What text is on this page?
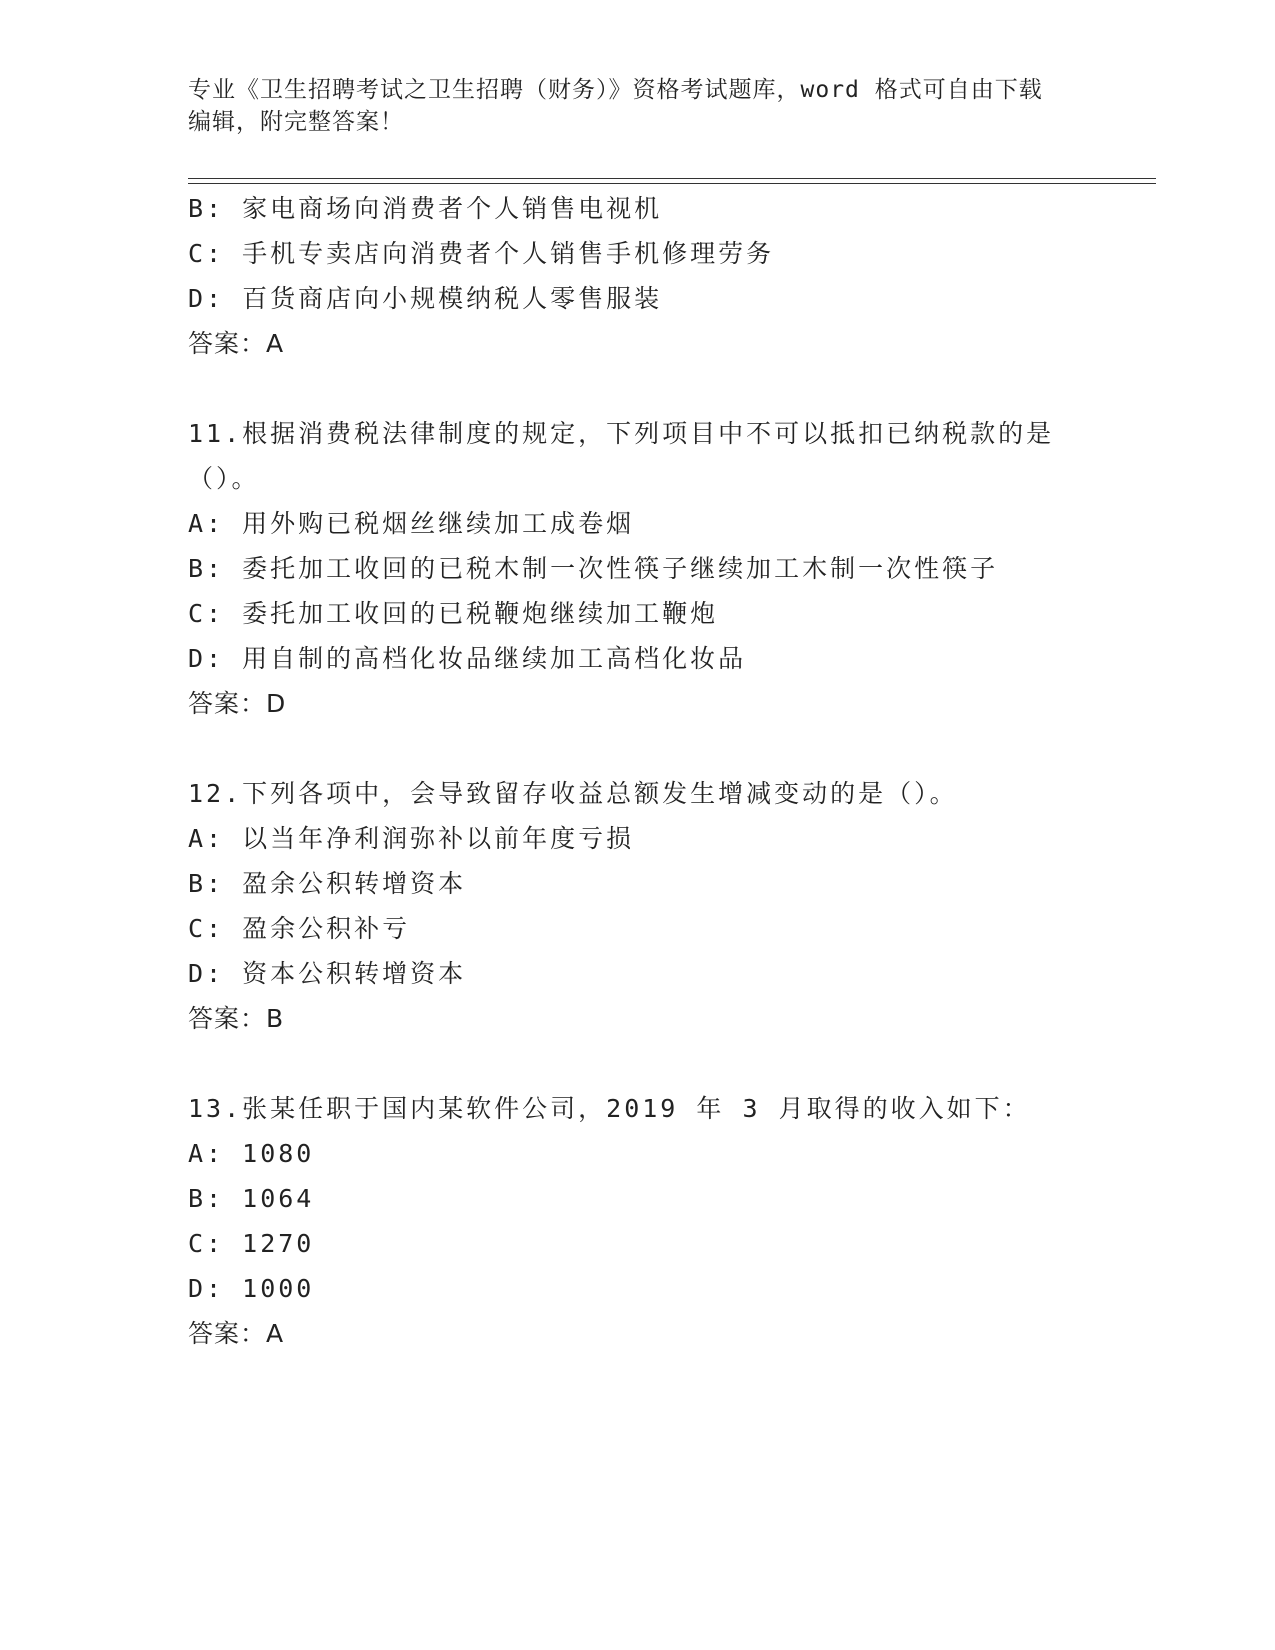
专业《卫生招聘考试之卫生招聘（财务）》资格考试题库，word 格式可自由下载
编辑，附完整答案！
B: 家电商场向消费者个人销售电视机
C: 手机专卖店向消费者个人销售手机修理劳务
D: 百货商店向小规模纳税人零售服装
答案：A
11.根据消费税法律制度的规定，下列项目中不可以抵扣已纳税款的是
（）。
A: 用外购已税烟丝继续加工成卷烟
B: 委托加工收回的已税木制一次性筷子继续加工木制一次性筷子
C: 委托加工收回的已税鞭炮继续加工鞭炮
D: 用自制的高档化妆品继续加工高档化妆品
答案：D
12.下列各项中，会导致留存收益总额发生增减变动的是（）。
A: 以当年净利润弥补以前年度亏损
B: 盈余公积转增资本
C: 盈余公积补亏
D: 资本公积转增资本
答案：B
13.张某任职于国内某软件公司，2019 年 3 月取得的收入如下：
A: 1080
B: 1064
C: 1270
D: 1000
答案：A
